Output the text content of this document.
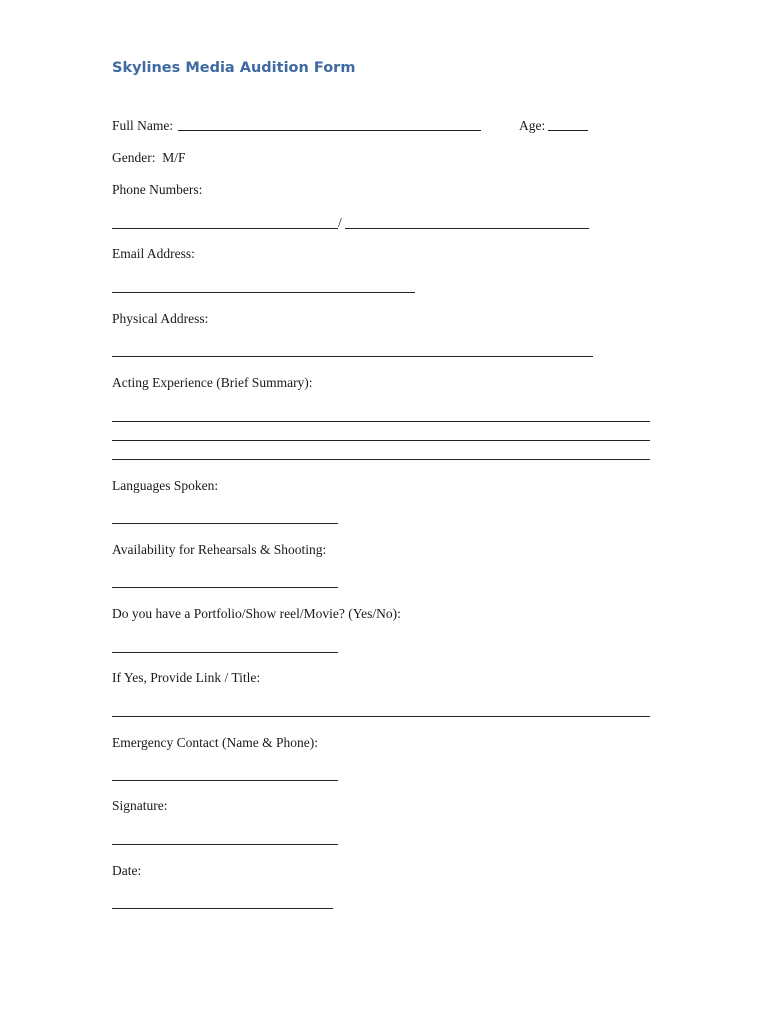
Skylines Media Audition Form
Full Name:	Age:
Gender: M/F
Phone Numbers:
/
Email Address:
Physical Address:
Acting Experience (Brief Summary):
Languages Spoken:
Availability for Rehearsals & Shooting:
Do you have a Portfolio/Show reel/Movie? (Yes/No):
If Yes, Provide Link / Title:
Emergency Contact (Name & Phone):
Signature:
Date:
